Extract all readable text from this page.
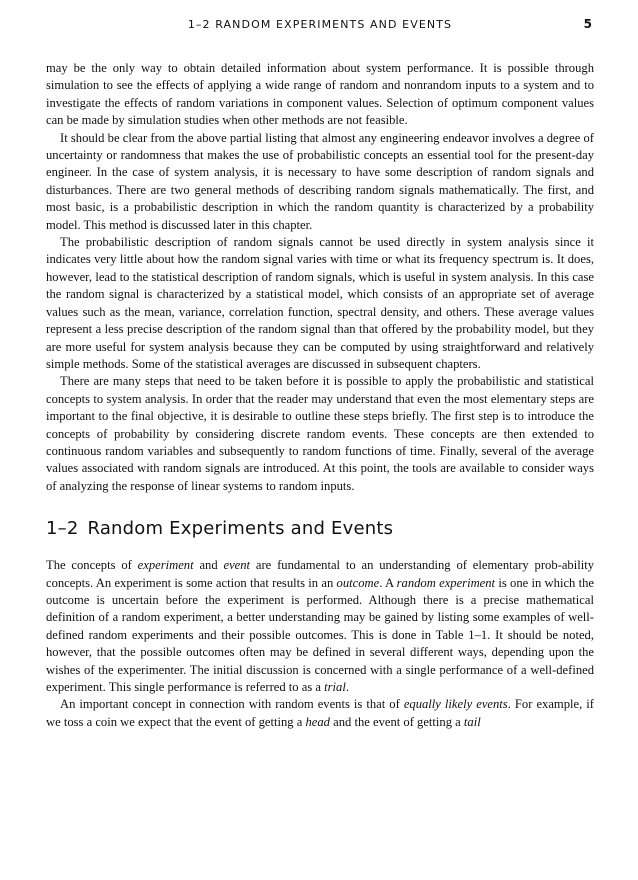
1–2 RANDOM EXPERIMENTS AND EVENTS	5

may be the only way to obtain detailed information about system performance. It is possible through simulation to see the effects of applying a wide range of random and nonrandom inputs to a system and to investigate the effects of random variations in component values. Selection of optimum component values can be made by simulation studies when other methods are not feasible.

It should be clear from the above partial listing that almost any engineering endeavor involves a degree of uncertainty or randomness that makes the use of probabilistic concepts an essential tool for the present-day engineer. In the case of system analysis, it is necessary to have some description of random signals and disturbances. There are two general methods of describing random signals mathematically. The first, and most basic, is a probabilistic description in which the random quantity is characterized by a probability model. This method is discussed later in this chapter.

The probabilistic description of random signals cannot be used directly in system analysis since it indicates very little about how the random signal varies with time or what its frequency spectrum is. It does, however, lead to the statistical description of random signals, which is useful in system analysis. In this case the random signal is characterized by a statistical model, which consists of an appropriate set of average values such as the mean, variance, correlation function, spectral density, and others. These average values represent a less precise description of the random signal than that offered by the probability model, but they are more useful for system analysis because they can be computed by using straightforward and relatively simple methods. Some of the statistical averages are discussed in subsequent chapters.

There are many steps that need to be taken before it is possible to apply the probabilistic and statistical concepts to system analysis. In order that the reader may understand that even the most elementary steps are important to the final objective, it is desirable to outline these steps briefly. The first step is to introduce the concepts of probability by considering discrete random events. These concepts are then extended to continuous random variables and subsequently to random functions of time. Finally, several of the average values associated with random signals are introduced. At this point, the tools are available to consider ways of analyzing the response of linear systems to random inputs.

1–2 Random Experiments and Events

The concepts of experiment and event are fundamental to an understanding of elementary prob-ability concepts. An experiment is some action that results in an outcome. A random experiment is one in which the outcome is uncertain before the experiment is performed. Although there is a precise mathematical definition of a random experiment, a better understanding may be gained by listing some examples of well-defined random experiments and their possible outcomes. This is done in Table 1–1. It should be noted, however, that the possible outcomes often may be defined in several different ways, depending upon the wishes of the experimenter. The initial discussion is concerned with a single performance of a well-defined experiment. This single performance is referred to as a trial.

An important concept in connection with random events is that of equally likely events. For example, if we toss a coin we expect that the event of getting a head and the event of getting a tail
